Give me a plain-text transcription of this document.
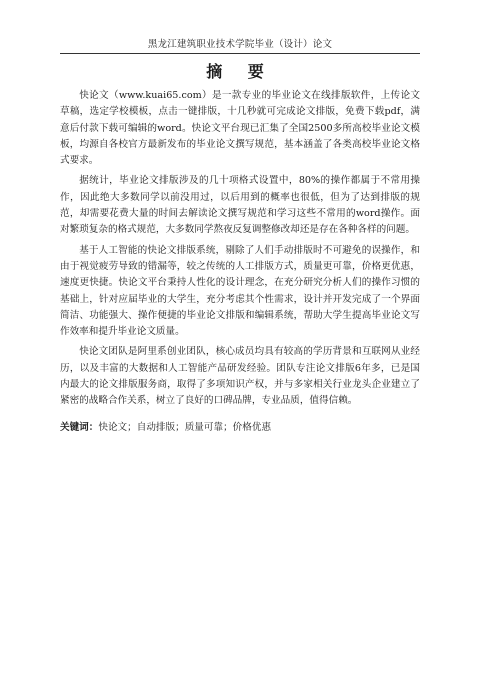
黑龙江建筑职业技术学院毕业（设计）论文
摘 要

快论文（www.kuai65.com）是一款专业的毕业论文在线排版软件，上传论文草稿，选定学校模板，点击一键排版，十几秒就可完成论文排版，免费下载pdf，满意后付款下载可编辑的word。快论文平台现已汇集了全国2500多所高校毕业论文模板，均源自各校官方最新发布的毕业论文撰写规范，基本涵盖了各类高校毕业论文格式要求。

据统计，毕业论文排版涉及的几十项格式设置中，80%的操作都属于不常用操作，因此绝大多数同学以前没用过，以后用到的概率也很低，但为了达到排版的规范，却需要花费大量的时间去解读论文撰写规范和学习这些不常用的word操作。面对繁琐复杂的格式规范，大多数同学熬夜反复调整修改却还是存在各种各样的问题。

基于人工智能的快论文排版系统，剔除了人们手动排版时不可避免的误操作，和由于视觉疲劳导致的错漏等，较之传统的人工排版方式，质量更可靠，价格更优惠，速度更快捷。快论文平台秉持人性化的设计理念，在充分研究分析人们的操作习惯的基础上，针对应届毕业的大学生，充分考虑其个性需求，设计并开发完成了一个界面简洁、功能强大、操作便捷的毕业论文排版和编辑系统，帮助大学生提高毕业论文写作效率和提升毕业论文质量。

快论文团队是阿里系创业团队，核心成员均具有较高的学历背景和互联网从业经历，以及丰富的大数据和人工智能产品研发经验。团队专注论文排版6年多，已是国内最大的论文排版服务商，取得了多项知识产权，并与多家相关行业龙头企业建立了紧密的战略合作关系，树立了良好的口碑品牌，专业品质，值得信赖。

关键词：快论文；自动排版；质量可靠；价格优惠
